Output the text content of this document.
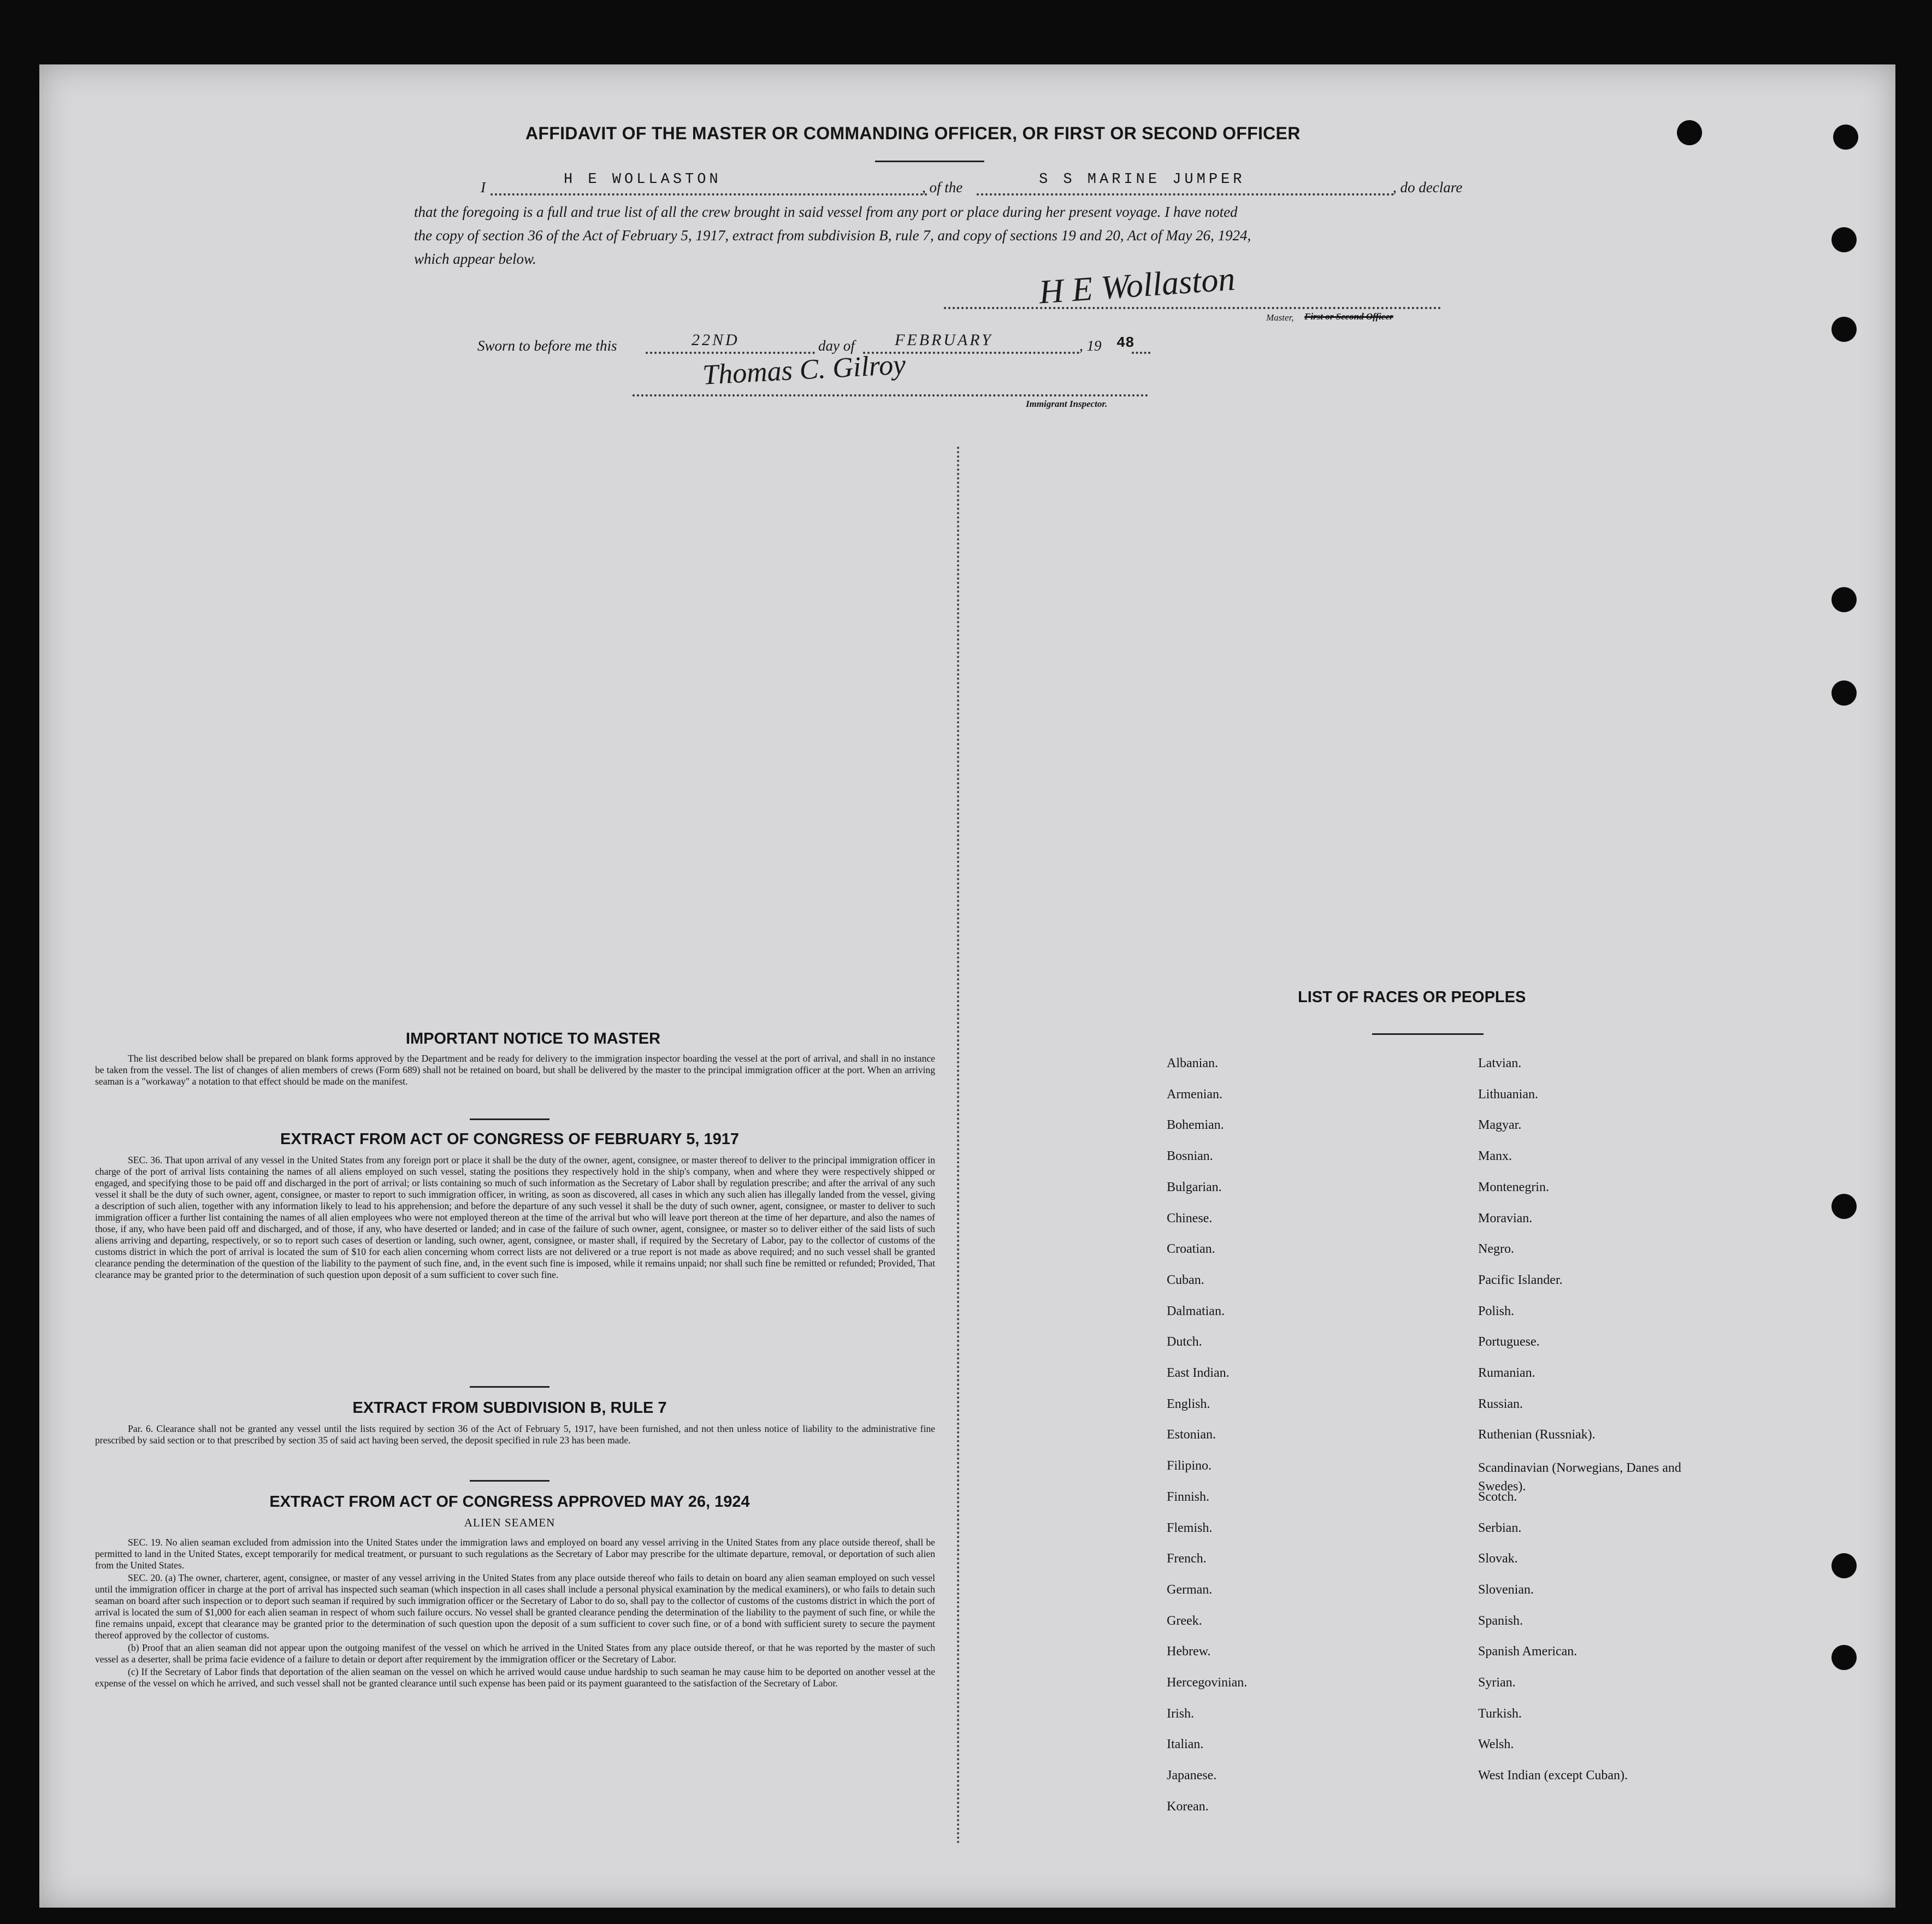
AFFIDAVIT OF THE MASTER OR COMMANDING OFFICER, OR FIRST OR SECOND OFFICER
I	H E WOLLASTON	, of the	S S MARINE JUMPER	, do declare
that the foregoing is a full and true list of all the crew brought in said vessel from any port or place during her present voyage. I have noted
the copy of section 36 of the Act of February 5, 1917, extract from subdivision B, rule 7, and copy of sections 19 and 20, Act of May 26, 1924,
which appear below.
H E Wollaston
Master, First or Second Officer
Sworn to before me this	22ND	day of FEBRUARY	, 19 48
Thomas C. Gilroy
Immigrant Inspector.
IMPORTANT NOTICE TO MASTER
The list described below shall be prepared on blank forms approved by the Department and be ready for delivery to the immigration inspector boarding the vessel at the port of arrival, and shall in no instance be taken from the vessel. The list of changes of alien members of crews (Form 689) shall not be retained on board, but shall be delivered by the master to the principal immigration officer at the port. When an arriving seaman is a "workaway" a notation to that effect should be made on the manifest.
EXTRACT FROM ACT OF CONGRESS OF FEBRUARY 5, 1917
SEC. 36. That upon arrival of any vessel in the United States from any foreign port or place it shall be the duty of the owner, agent, consignee, or master thereof to deliver to the principal immigration officer in charge of the port of arrival lists containing the names of all aliens employed on such vessel, stating the positions they respectively hold in the ship's company, when and where they were respectively shipped or engaged, and specifying those to be paid off and discharged in the port of arrival; or lists containing so much of such information as the Secretary of Labor shall by regulation prescribe; and after the arrival of any such vessel it shall be the duty of such owner, agent, consignee, or master to report to such immigration officer, in writing, as soon as discovered, all cases in which any such alien has illegally landed from the vessel, giving a description of such alien, together with any information likely to lead to his apprehension; and before the departure of any such vessel it shall be the duty of such owner, agent, consignee, or master to deliver to such immigration officer a further list containing the names of all alien employees who were not employed thereon at the time of the arrival but who will leave port thereon at the time of her departure, and also the names of those, if any, who have been paid off and discharged, and of those, if any, who have deserted or landed; and in case of the failure of such owner, agent, consignee, or master so to deliver either of the said lists of such aliens arriving and departing, respectively, or so to report such cases of desertion or landing, such owner, agent, consignee, or master shall, if required by the Secretary of Labor, pay to the collector of customs of the customs district in which the port of arrival is located the sum of $10 for each alien concerning whom correct lists are not delivered or a true report is not made as above required; and no such vessel shall be granted clearance pending the determination of the question of the liability to the payment of such fine, and, in the event such fine is imposed, while it remains unpaid; nor shall such fine be remitted or refunded; Provided, That clearance may be granted prior to the determination of such question upon deposit of a sum sufficient to cover such fine.
EXTRACT FROM SUBDIVISION B, RULE 7
Par. 6. Clearance shall not be granted any vessel until the lists required by section 36 of the Act of February 5, 1917, have been furnished, and not then unless notice of liability to the administrative fine prescribed by said section or to that prescribed by section 35 of said act having been served, the deposit specified in rule 23 has been made.
EXTRACT FROM ACT OF CONGRESS APPROVED MAY 26, 1924
ALIEN SEAMEN

SEC. 19. No alien seaman excluded from admission into the United States under the immigration laws and employed on board any vessel arriving in the United States from any place outside thereof, shall be permitted to land in the United States, except temporarily for medical treatment, or pursuant to such regulations as the Secretary of Labor may prescribe for the ultimate departure, removal, or deportation of such alien from the United States.

SEC. 20. (a) The owner, charterer, agent, consignee, or master of any vessel arriving in the United States from any place outside thereof who fails to detain on board any alien seaman employed on such vessel until the immigration officer in charge at the port of arrival has inspected such seaman (which inspection in all cases shall include a personal physical examination by the medical examiners), or who fails to detain such seaman on board after such inspection or to deport such seaman if required by such immigration officer or the Secretary of Labor to do so, shall pay to the collector of customs of the customs district in which the port of arrival is located the sum of $1,000 for each alien seaman in respect of whom such failure occurs. No vessel shall be granted clearance pending the determination of the liability to the payment of such fine, or while the fine remains unpaid, except that clearance may be granted prior to the determination of such question upon the deposit of a sum sufficient to cover such fine, or of a bond with sufficient surety to secure the payment thereof approved by the collector of customs.

(b) Proof that an alien seaman did not appear upon the outgoing manifest of the vessel on which he arrived in the United States from any place outside thereof, or that he was reported by the master of such vessel as a deserter, shall be prima facie evidence of a failure to detain or deport after requirement by the immigration officer or the Secretary of Labor.

(c) If the Secretary of Labor finds that deportation of the alien seaman on the vessel on which he arrived would cause undue hardship to such seaman he may cause him to be deported on another vessel at the expense of the vessel on which he arrived, and such vessel shall not be granted clearance until such expense has been paid or its payment guaranteed to the satisfaction of the Secretary of Labor.

LIST OF RACES OR PEOPLES
Albanian.
Armenian.
Bohemian.
Bosnian.
Bulgarian.
Chinese.
Croatian.
Cuban.
Dalmatian.
Dutch.
East Indian.
English.
Estonian.
Filipino.
Finnish.
Flemish.
French.
German.
Greek.
Hebrew.
Hercegovinian.
Irish.
Italian.
Japanese.
Korean.
Latvian.
Lithuanian.
Magyar.
Manx.
Montenegrin.
Moravian.
Negro.
Pacific Islander.
Polish.
Portuguese.
Rumanian.
Russian.
Ruthenian (Russniak).
Scandinavian (Norwegians, Danes and Swedes).
Scotch.
Serbian.
Slovak.
Slovenian.
Spanish.
Spanish American.
Syrian.
Turkish.
Welsh.
West Indian (except Cuban).
